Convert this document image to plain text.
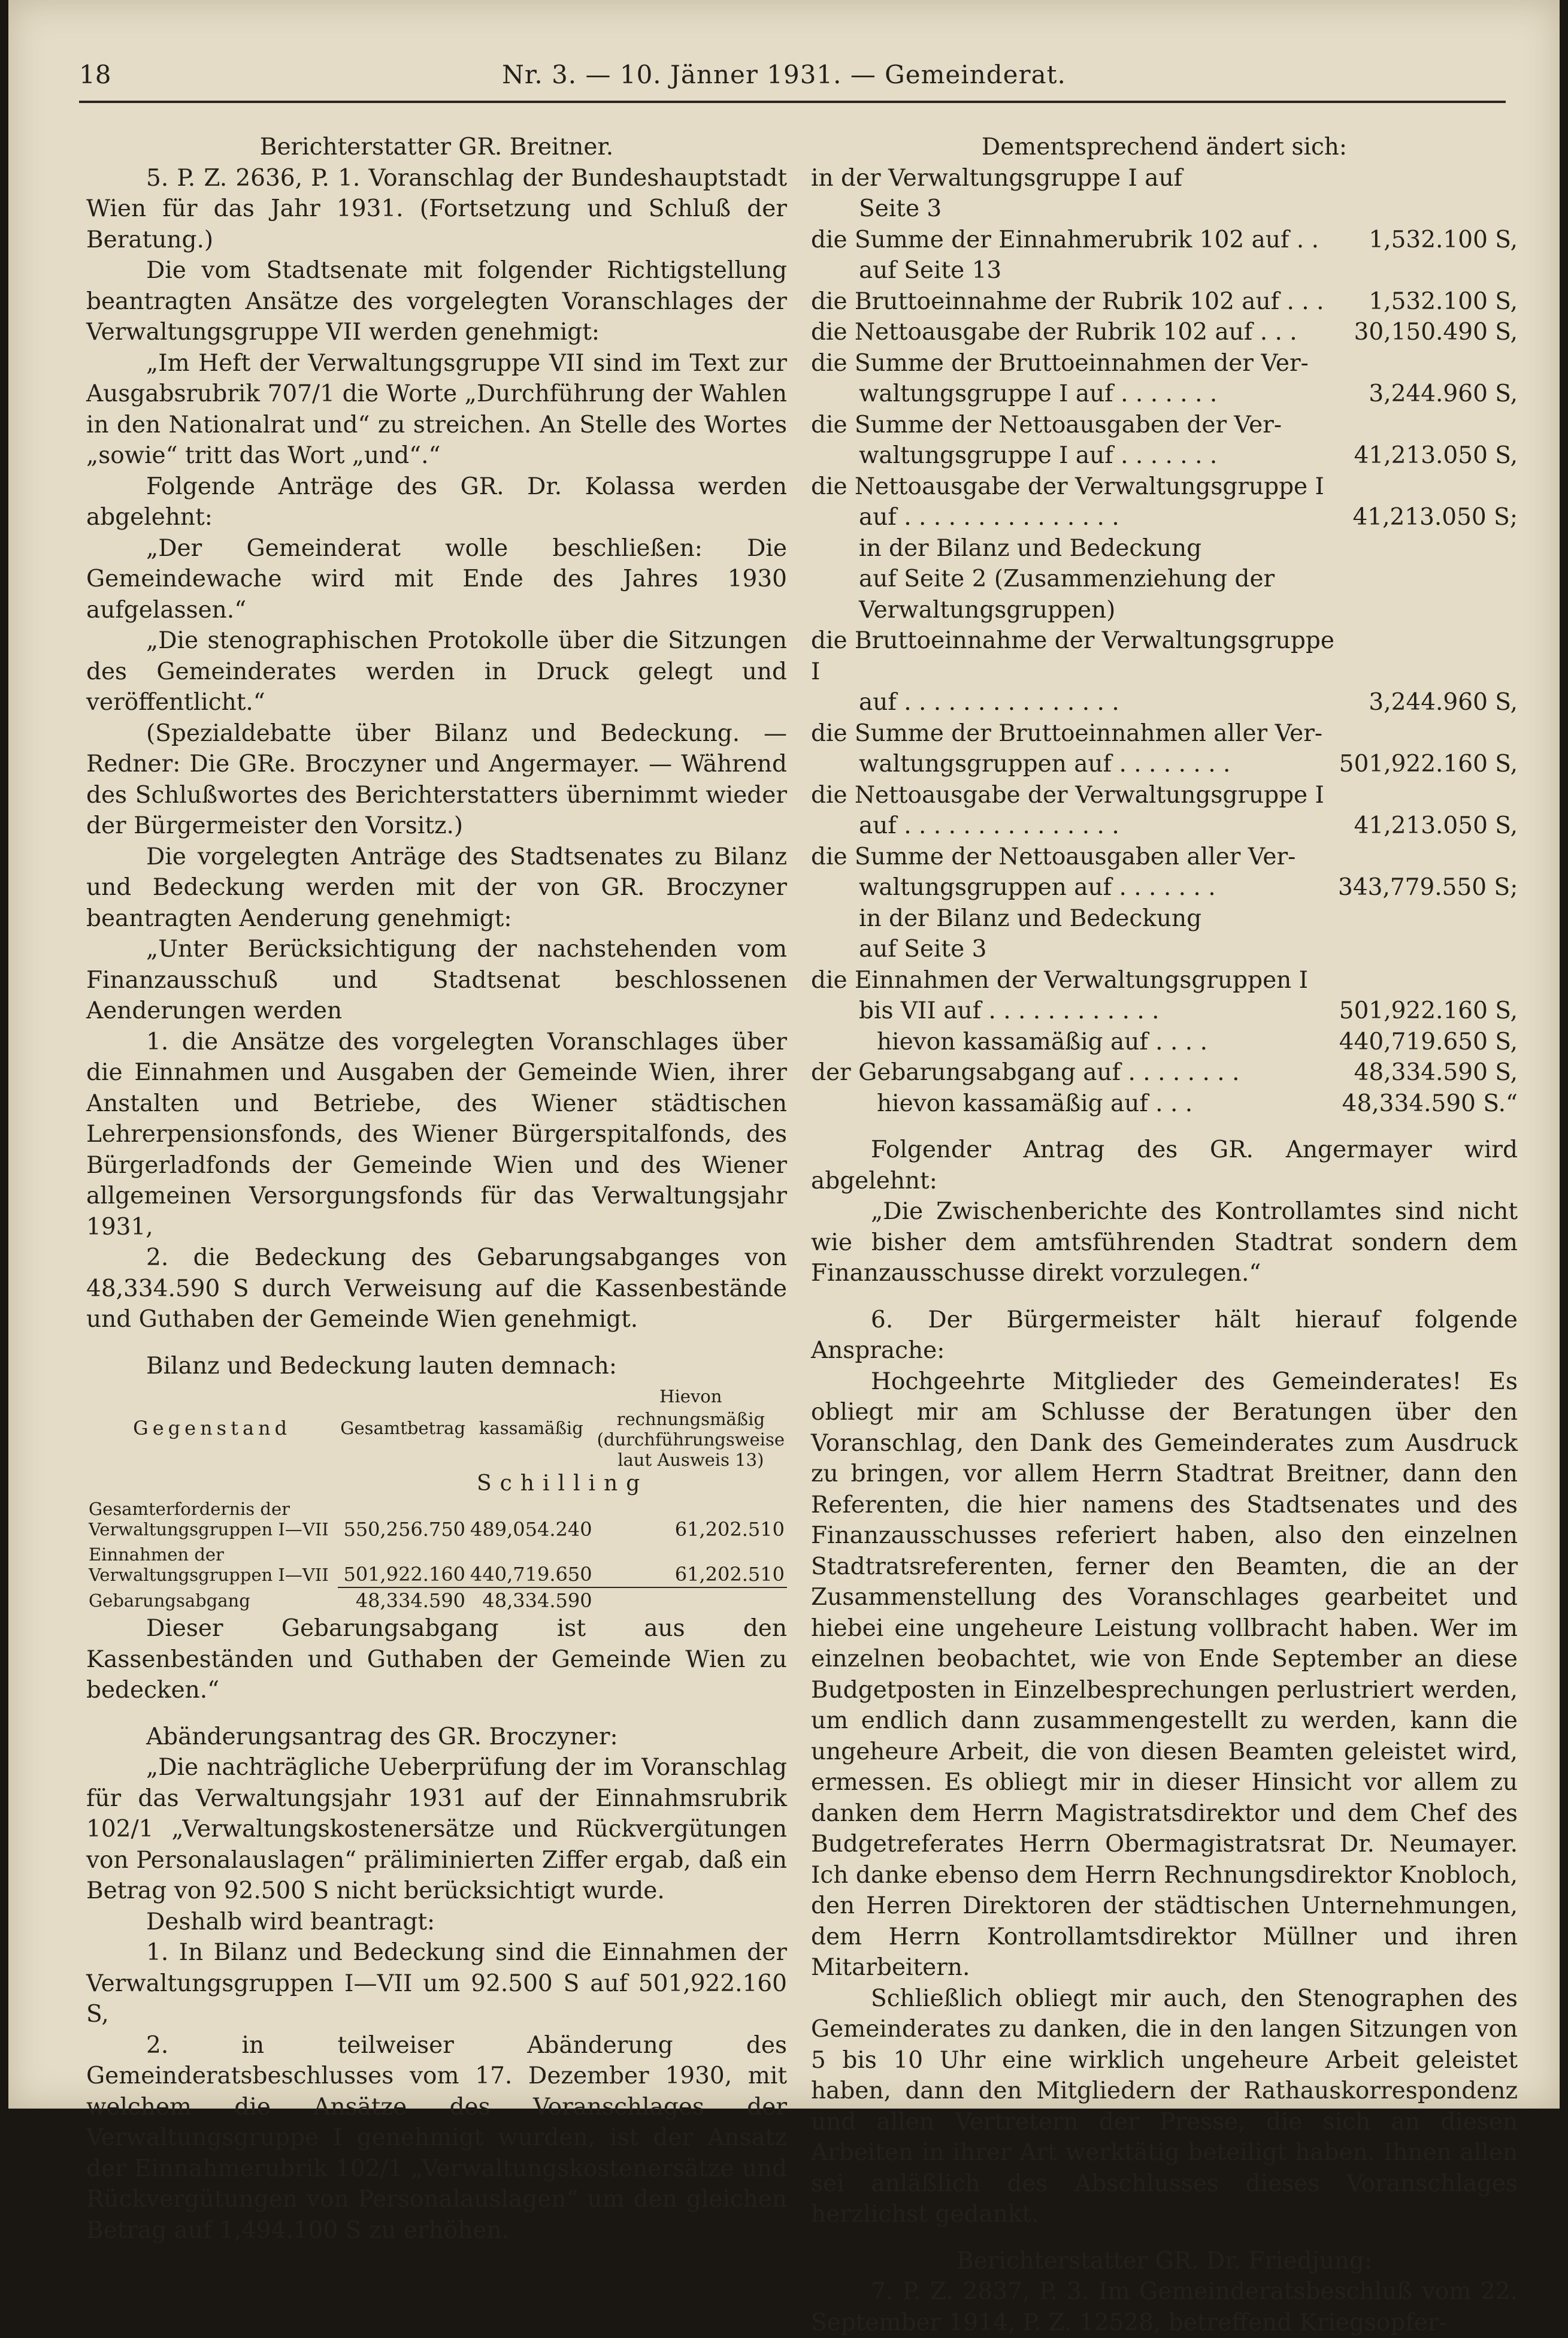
18	Nr. 3. — 10. Jänner 1931. — Gemeinderat.

Berichterstatter GR. Breitner.

5. P. Z. 2636, P. 1. Voranschlag der Bundeshauptstadt Wien für das Jahr 1931. (Fortsetzung und Schluß der Beratung.)

Die vom Stadtsenate mit folgender Richtigstellung beantragten Ansätze des vorgelegten Voranschlages der Verwaltungsgruppe VII werden genehmigt:

„Im Heft der Verwaltungsgruppe VII sind im Text zur Ausgabsrubrik 707/1 die Worte „Durchführung der Wahlen in den Nationalrat und“ zu streichen. An Stelle des Wortes „sowie“ tritt das Wort „und“.“

Folgende Anträge des GR. Dr. Kolassa werden abgelehnt:

„Der Gemeinderat wolle beschließen: Die Gemeindewache wird mit Ende des Jahres 1930 aufgelassen.“

„Die stenographischen Protokolle über die Sitzungen des Gemeinderates werden in Druck gelegt und veröffentlicht.“

(Spezialdebatte über Bilanz und Bedeckung. — Redner: Die GRe. Broczyner und Angermayer. — Während des Schlußwortes des Berichterstatters übernimmt wieder der Bürgermeister den Vorsitz.)

Die vorgelegten Anträge des Stadtsenates zu Bilanz und Bedeckung werden mit der von GR. Broczyner beantragten Aenderung genehmigt:

„Unter Berücksichtigung der nachstehenden vom Finanzausschuß und Stadtsenat beschlossenen Aenderungen werden

1. die Ansätze des vorgelegten Voranschlages über die Einnahmen und Ausgaben der Gemeinde Wien, ihrer Anstalten und Betriebe, des Wiener städtischen Lehrerpensionsfonds, des Wiener Bürgerspitalfonds, des Bürgerladfonds der Gemeinde Wien und des Wiener allgemeinen Versorgungsfonds für das Verwaltungsjahr 1931,

2. die Bedeckung des Gebarungsabganges von 48,334.590 S durch Verweisung auf die Kassenbestände und Guthaben der Gemeinde Wien genehmigt.

Bilanz und Bedeckung lauten demnach:

Gegenstand	Gesamtbetrag	kassamäßig	Hievon
			rechnungsmäßig (durchführungsweise laut Ausweis 13)
	Schilling		
Gesamterfordernis der Verwaltungsgruppen I—VII	550,256.750	489,054.240	61,202.510
Einnahmen der Verwaltungsgruppen I—VII	501,922.160	440,719.650	61,202.510
Gebarungsabgang	48,334.590	48,334.590	

Dieser Gebarungsabgang ist aus den Kassenbeständen und Guthaben der Gemeinde Wien zu bedecken.“

Abänderungsantrag des GR. Broczyner:

„Die nachträgliche Ueberprüfung der im Voranschlag für das Verwaltungsjahr 1931 auf der Einnahmsrubrik 102/1 „Verwaltungskostenersätze und Rückvergütungen von Personalauslagen“ präliminierten Ziffer ergab, daß ein Betrag von 92.500 S nicht berücksichtigt wurde.

Deshalb wird beantragt:

1. In Bilanz und Bedeckung sind die Einnahmen der Verwaltungsgruppen I—VII um 92.500 S auf 501,922.160 S,

2. in teilweiser Abänderung des Gemeinderatsbeschlusses vom 17. Dezember 1930, mit welchem die Ansätze des Voranschlages der Verwaltungsgruppe I genehmigt wurden, ist der Ansatz der Einnahmerubrik 102/1 „Verwaltungskostenersätze und Rückvergütungen von Personalauslagen“ um den gleichen Betrag auf 1,494.100 S zu erhöhen.

Dementsprechend ändert sich:

in der Verwaltungsgruppe I auf
Seite 3
die Summe der Einnahmerubrik 102 auf . .	1,532.100 S,
auf Seite 13
die Bruttoeinnahme der Rubrik 102 auf . . .	1,532.100 S,
die Nettoausgabe der Rubrik 102 auf . . .	30,150.490 S,
die Summe der Bruttoeinnahmen der Ver-
waltungsgruppe I auf . . . . . . .	3,244.960 S,
die Summe der Nettoausgaben der Ver-
waltungsgruppe I auf . . . . . . .	41,213.050 S,
die Nettoausgabe der Verwaltungsgruppe I
auf . . . . . . . . . . . . . . .	41,213.050 S;
in der Bilanz und Bedeckung
auf Seite 2 (Zusammenziehung der
Verwaltungsgruppen)
die Bruttoeinnahme der Verwaltungsgruppe I
auf . . . . . . . . . . . . . . .	3,244.960 S,
die Summe der Bruttoeinnahmen aller Ver-
waltungsgruppen auf . . . . . . . .	501,922.160 S,
die Nettoausgabe der Verwaltungsgruppe I
auf . . . . . . . . . . . . . . .	41,213.050 S,
die Summe der Nettoausgaben aller Ver-
waltungsgruppen auf . . . . . . .	343,779.550 S;
in der Bilanz und Bedeckung
auf Seite 3
die Einnahmen der Verwaltungsgruppen I
bis VII auf . . . . . . . . . . . .	501,922.160 S,
hievon kassamäßig auf . . . .	440,719.650 S,
der Gebarungsabgang auf . . . . . . . .	48,334.590 S,
hievon kassamäßig auf . . .	48,334.590 S.“

Folgender Antrag des GR. Angermayer wird abgelehnt:

„Die Zwischenberichte des Kontrollamtes sind nicht wie bisher dem amtsführenden Stadtrat sondern dem Finanzausschusse direkt vorzulegen.“

6. Der Bürgermeister hält hierauf folgende Ansprache:

Hochgeehrte Mitglieder des Gemeinderates! Es obliegt mir am Schlusse der Beratungen über den Voranschlag, den Dank des Gemeinderates zum Ausdruck zu bringen, vor allem Herrn Stadtrat Breitner, dann den Referenten, die hier namens des Stadtsenates und des Finanzausschusses referiert haben, also den einzelnen Stadtratsreferenten, ferner den Beamten, die an der Zusammenstellung des Voranschlages gearbeitet und hiebei eine ungeheure Leistung vollbracht haben. Wer im einzelnen beobachtet, wie von Ende September an diese Budgetposten in Einzelbesprechungen perlustriert werden, um endlich dann zusammengestellt zu werden, kann die ungeheure Arbeit, die von diesen Beamten geleistet wird, ermessen. Es obliegt mir in dieser Hinsicht vor allem zu danken dem Herrn Magistratsdirektor und dem Chef des Budgetreferates Herrn Obermagistratsrat Dr. Neumayer. Ich danke ebenso dem Herrn Rechnungsdirektor Knobloch, den Herren Direktoren der städtischen Unternehmungen, dem Herrn Kontrollamtsdirektor Müllner und ihren Mitarbeitern.

Schließlich obliegt mir auch, den Stenographen des Gemeinderates zu danken, die in den langen Sitzungen von 5 bis 10 Uhr eine wirklich ungeheure Arbeit geleistet haben, dann den Mitgliedern der Rathauskorrespondenz und allen Vertretern der Presse, die sich an diesen Arbeiten in ihrer Art werktätig beteiligt haben. Ihnen allen sei anläßlich des Abschlusses dieses Voranschlages herzlichst gedankt.

Berichterstatter GR. Dr. Friedjung:

7. P. Z. 2837, P. 3. Im Gemeinderatsbeschluß vom 22. September 1914, P. Z. 12528, betreffend Kriegsopfer-
